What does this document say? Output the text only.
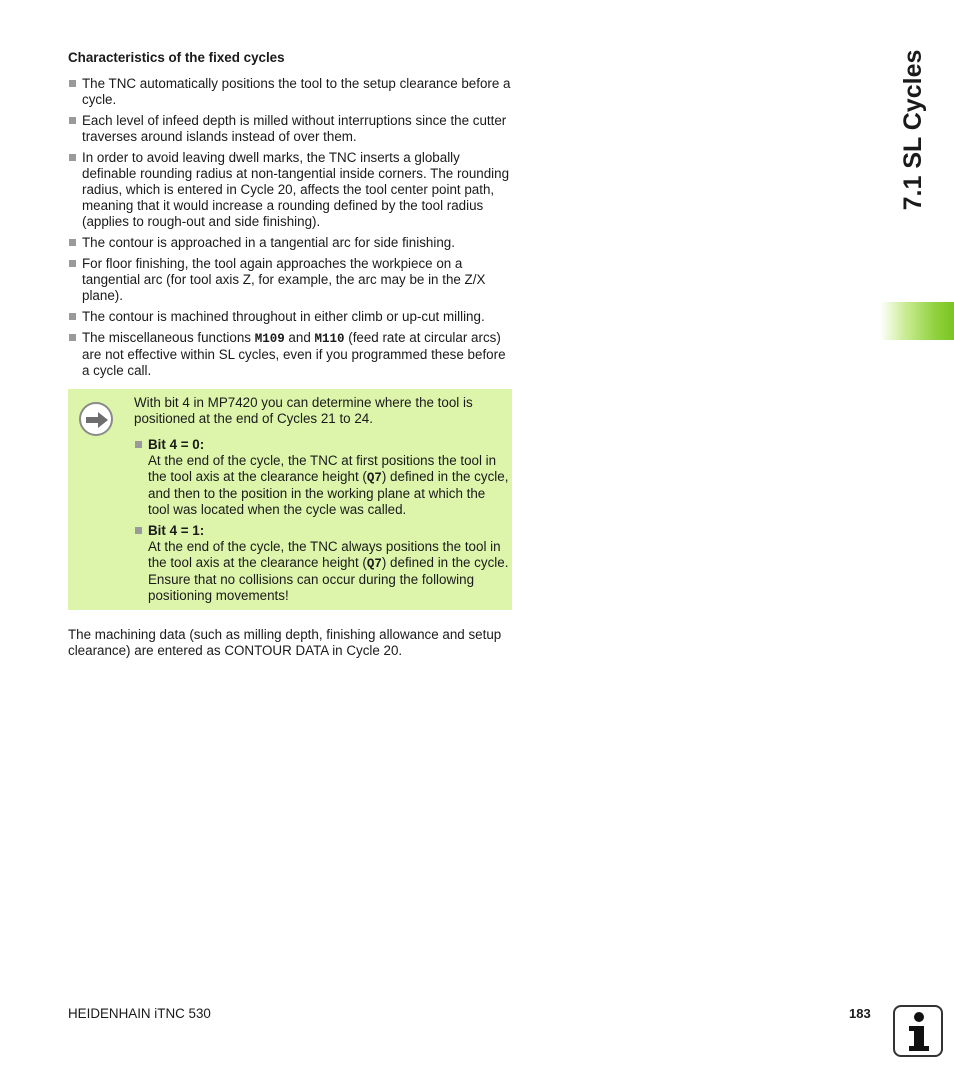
Characteristics of the fixed cycles
The TNC automatically positions the tool to the setup clearance before a cycle.
Each level of infeed depth is milled without interruptions since the cutter traverses around islands instead of over them.
In order to avoid leaving dwell marks, the TNC inserts a globally definable rounding radius at non-tangential inside corners. The rounding radius, which is entered in Cycle 20, affects the tool center point path, meaning that it would increase a rounding defined by the tool radius (applies to rough-out and side finishing).
The contour is approached in a tangential arc for side finishing.
For floor finishing, the tool again approaches the workpiece on a tangential arc (for tool axis Z, for example, the arc may be in the Z/X plane).
The contour is machined throughout in either climb or up-cut milling.
The miscellaneous functions M109 and M110 (feed rate at circular arcs) are not effective within SL cycles, even if you programmed these before a cycle call.
With bit 4 in MP7420 you can determine where the tool is positioned at the end of Cycles 21 to 24.
Bit 4 = 0:
At the end of the cycle, the TNC at first positions the tool in the tool axis at the clearance height (Q7) defined in the cycle, and then to the position in the working plane at which the tool was located when the cycle was called.
Bit 4 = 1:
At the end of the cycle, the TNC always positions the tool in the tool axis at the clearance height (Q7) defined in the cycle. Ensure that no collisions can occur during the following positioning movements!
The machining data (such as milling depth, finishing allowance and setup clearance) are entered as CONTOUR DATA in Cycle 20.
7.1 SL Cycles
HEIDENHAIN iTNC 530	183
